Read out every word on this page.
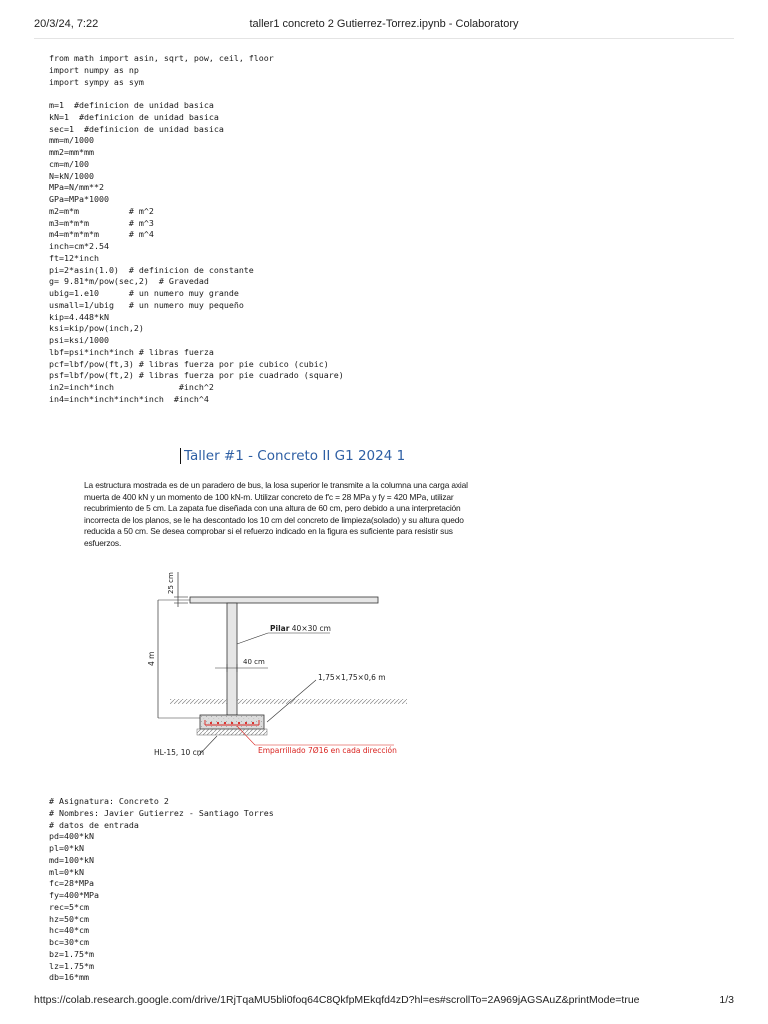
taller1 concreto 2 Gutierrez-Torrez.ipynb - Colaboratory
20/3/24, 7:22
from math import asin, sqrt, pow, ceil, floor
import numpy as np
import sympy as sym

m=1  #definicion de unidad basica
kN=1  #definicion de unidad basica
sec=1  #definicion de unidad basica
mm=m/1000
mm2=mm*mm
cm=m/100
N=kN/1000
MPa=N/mm**2
GPa=MPa*1000
m2=m*m          # m^2
m3=m*m*m        # m^3
m4=m*m*m*m      # m^4
inch=cm*2.54
ft=12*inch
pi=2*asin(1.0)  # definicion de constante
g= 9.81*m/pow(sec,2)  # Gravedad
ubig=1.e10      # un numero muy grande
usmall=1/ubig   # un numero muy pequeño
kip=4.448*kN
ksi=kip/pow(inch,2)
psi=ksi/1000
lbf=psi*inch*inch # libras fuerza
pcf=lbf/pow(ft,3) # libras fuerza por pie cubico (cubic)
psf=lbf/pow(ft,2) # libras fuerza por pie cuadrado (square)
in2=inch*inch             #inch^2
in4=inch*inch*inch*inch  #inch^4
Taller #1 - Concreto II G1 2024 1
La estructura mostrada es de un paradero de bus, la losa superior le transmite a la columna una carga axial muerta de 400 kN y un momento de 100 kN-m. Utilizar concreto de f'c = 28 MPa y fy = 420 MPa, utilizar recubrimiento de 5 cm. La zapata fue diseñada con una altura de 60 cm, pero debido a una interpretación incorrecta de los planos, se le ha descontado los 10 cm del concreto de limpieza(solado) y su altura quedo reducida a 50 cm. Se desea comprobar si el refuerzo indicado en la figura es suficiente para resistir sus esfuerzos.
25 cm
4 m
Pilar 40×30 cm
40 cm
1,75×1,75×0,6 m
HL-15, 10 cm	Emparrillado 7Ø16 en cada dirección
# Asignatura: Concreto 2
# Nombres: Javier Gutierrez - Santiago Torres
# datos de entrada
pd=400*kN
pl=0*kN
md=100*kN
ml=0*kN
fc=28*MPa
fy=400*MPa
rec=5*cm
hz=50*cm
hc=40*cm
bc=30*cm
bz=1.75*m
lz=1.75*m
db=16*mm
https://colab.research.google.com/drive/1RjTqaMU5bli0foq64C8QkfpMEkqfd4zD?hl=es#scrollTo=2A969jAGSAuZ&printMode=true	1/3
